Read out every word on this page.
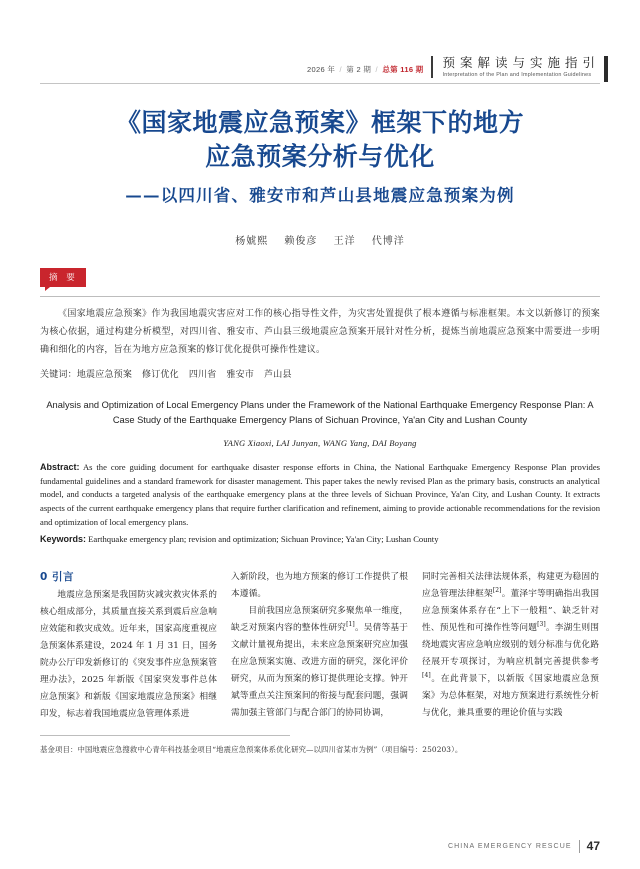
2026 年 / 第 2 期 / 总第 116 期 预案解读与实施指引
Interpretation of the Plan and Implementation Guidelines
《国家地震应急预案》框架下的地方
应急预案分析与优化
——以四川省、雅安市和芦山县地震应急预案为例
杨婋熙 赖俊彦 王洋 代博洋
摘 要
《国家地震应急预案》作为我国地震灾害应对工作的核心指导性文件，为灾害处置提供了根本遵循与标准框架。本文以新修订的预案为核心依据，通过构建分析模型，对四川省、雅安市、芦山县三级地震应急预案开展针对性分析，提炼当前地震应急预案中需要进一步明确和细化的内容，旨在为地方应急预案的修订优化提供可操作性建议。
关键词：地震应急预案 修订优化 四川省 雅安市 芦山县
Analysis and Optimization of Local Emergency Plans under the Framework of the National Earthquake Emergency Response Plan: A Case Study of the Earthquake Emergency Plans of Sichuan Province, Ya'an City and Lushan County
YANG Xiaoxi, LAI Junyan, WANG Yang, DAI Boyang
Abstract: As the core guiding document for earthquake disaster response efforts in China, the National Earthquake Emergency Response Plan provides fundamental guidelines and a standard framework for disaster management. This paper takes the newly revised Plan as the primary basis, constructs an analytical model, and conducts a targeted analysis of the earthquake emergency plans at the three levels of Sichuan Province, Ya'an City, and Lushan County. It extracts aspects of the current earthquake emergency plans that require further clarification and refinement, aiming to provide actionable recommendations for the revision and optimization of local emergency plans.
Keywords: Earthquake emergency plan; revision and optimization; Sichuan Province; Ya'an City; Lushan County
0 引言

地震应急预案是我国防灾减灾救灾体系的核心组成部分，其质量直接关系到震后应急响应效能和救灾成效。近年来，国家高度重视应急预案体系建设，2024 年 1 月 31 日，国务院办公厅印发新修订的《突发事件应急预案管理办法》，2025 年新版《国家突发事件总体应急预案》和新版《国家地震应急预案》相继印发，标志着我国地震应急管理体系进

入新阶段，也为地方预案的修订工作提供了根本遵循。

目前我国应急预案研究多聚焦单一维度，缺乏对预案内容的整体性研究[1]。吴倩等基于文献计量视角提出，未来应急预案研究应加强在应急预案实施、改进方面的研究，深化评价研究，从而为预案的修订提供理论支撑。钟开斌等重点关注预案间的衔接与配套问题，强调需加强主管部门与配合部门的协同协调，

同时完善相关法律法规体系，构建更为稳固的应急管理法律框架[2]。董泽宇等明确指出我国应急预案体系存在“上下一般粗”、缺乏针对性、预见性和可操作性等问题[3]。李湖生则围绕地震灾害应急响应级别的划分标准与优化路径展开专项探讨，为响应机制完善提供参考[4]。在此背景下，以新版《国家地震应急预案》为总体框架，对地方预案进行系统性分析与优化，兼具重要的理论价值与实践

基金项目：中国地震应急搜救中心青年科技基金项目“地震应急预案体系优化研究—以四川省某市为例”（项目编号：250203）。
CHINA EMERGENCY RESCUE 47
